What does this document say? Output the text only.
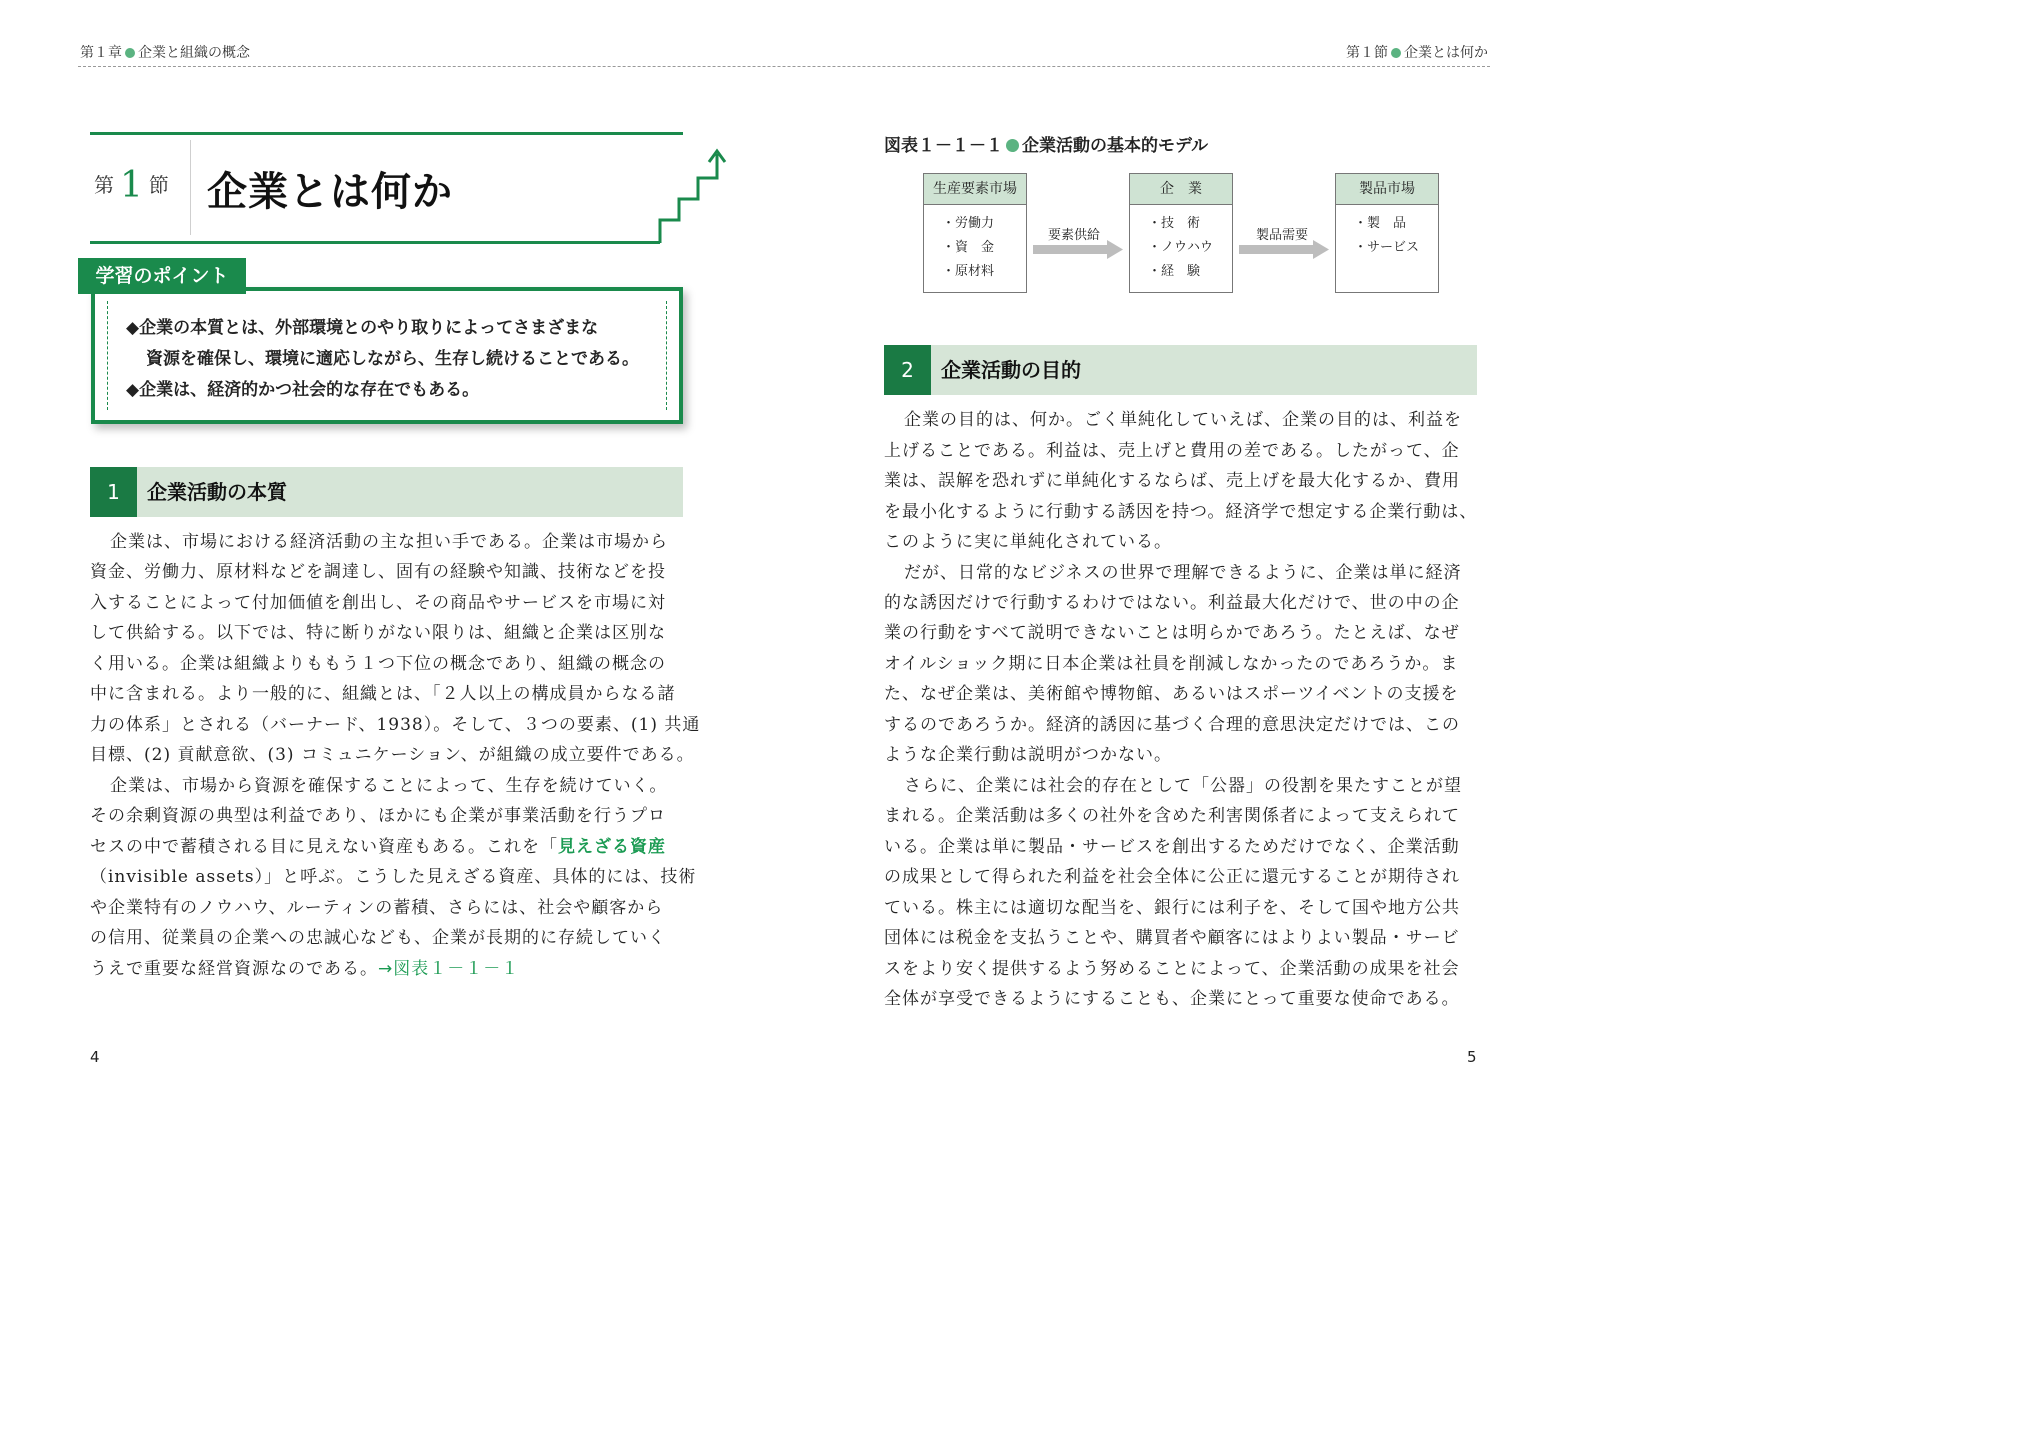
第１章 企業と組織の概念	第１節 企業とは何か
第 1 節 企業とは何か
学習のポイント
◆企業の本質とは、外部環境とのやり取りによってさまざまな
資源を確保し、環境に適応しながら、生存し続けることである。
◆企業は、経済的かつ社会的な存在でもある。
1	企業活動の本質
企業は、市場における経済活動の主な担い手である。企業は市場から
資金、労働力、原材料などを調達し、固有の経験や知識、技術などを投
入することによって付加価値を創出し、その商品やサービスを市場に対
して供給する。以下では、特に断りがない限りは、組織と企業は区別な
く用いる。企業は組織よりももう１つ下位の概念であり、組織の概念の
中に含まれる。より一般的に、組織とは、「２人以上の構成員からなる諸
力の体系」とされる（バーナード、1938）。そして、３つの要素、(1) 共通
目標、(2) 貢献意欲、(3) コミュニケーション、が組織の成立要件である。
企業は、市場から資源を確保することによって、生存を続けていく。
その余剰資源の典型は利益であり、ほかにも企業が事業活動を行うプロ
セスの中で蓄積される目に見えない資産もある。これを「見えざる資産
（invisible assets）」と呼ぶ。こうした見えざる資産、具体的には、技術
や企業特有のノウハウ、ルーティンの蓄積、さらには、社会や顧客から
の信用、従業員の企業への忠誠心なども、企業が長期的に存続していく
うえで重要な経営資源なのである。→図表１－１－１
図表１－１－１ 企業活動の基本的モデル
生産要素市場
・労働力
・資　金
・原材料
要素供給
企　業
・技　術
・ノウハウ
・経　験
製品需要
製品市場
・製　品
・サービス
2	企業活動の目的
企業の目的は、何か。ごく単純化していえば、企業の目的は、利益を
上げることである。利益は、売上げと費用の差である。したがって、企
業は、誤解を恐れずに単純化するならば、売上げを最大化するか、費用
を最小化するように行動する誘因を持つ。経済学で想定する企業行動は、
このように実に単純化されている。
だが、日常的なビジネスの世界で理解できるように、企業は単に経済
的な誘因だけで行動するわけではない。利益最大化だけで、世の中の企
業の行動をすべて説明できないことは明らかであろう。たとえば、なぜ
オイルショック期に日本企業は社員を削減しなかったのであろうか。ま
た、なぜ企業は、美術館や博物館、あるいはスポーツイベントの支援を
するのであろうか。経済的誘因に基づく合理的意思決定だけでは、この
ような企業行動は説明がつかない。
さらに、企業には社会的存在として「公器」の役割を果たすことが望
まれる。企業活動は多くの社外を含めた利害関係者によって支えられて
いる。企業は単に製品・サービスを創出するためだけでなく、企業活動
の成果として得られた利益を社会全体に公正に還元することが期待され
ている。株主には適切な配当を、銀行には利子を、そして国や地方公共
団体には税金を支払うことや、購買者や顧客にはよりよい製品・サービ
スをより安く提供するよう努めることによって、企業活動の成果を社会
全体が享受できるようにすることも、企業にとって重要な使命である。
4	5
